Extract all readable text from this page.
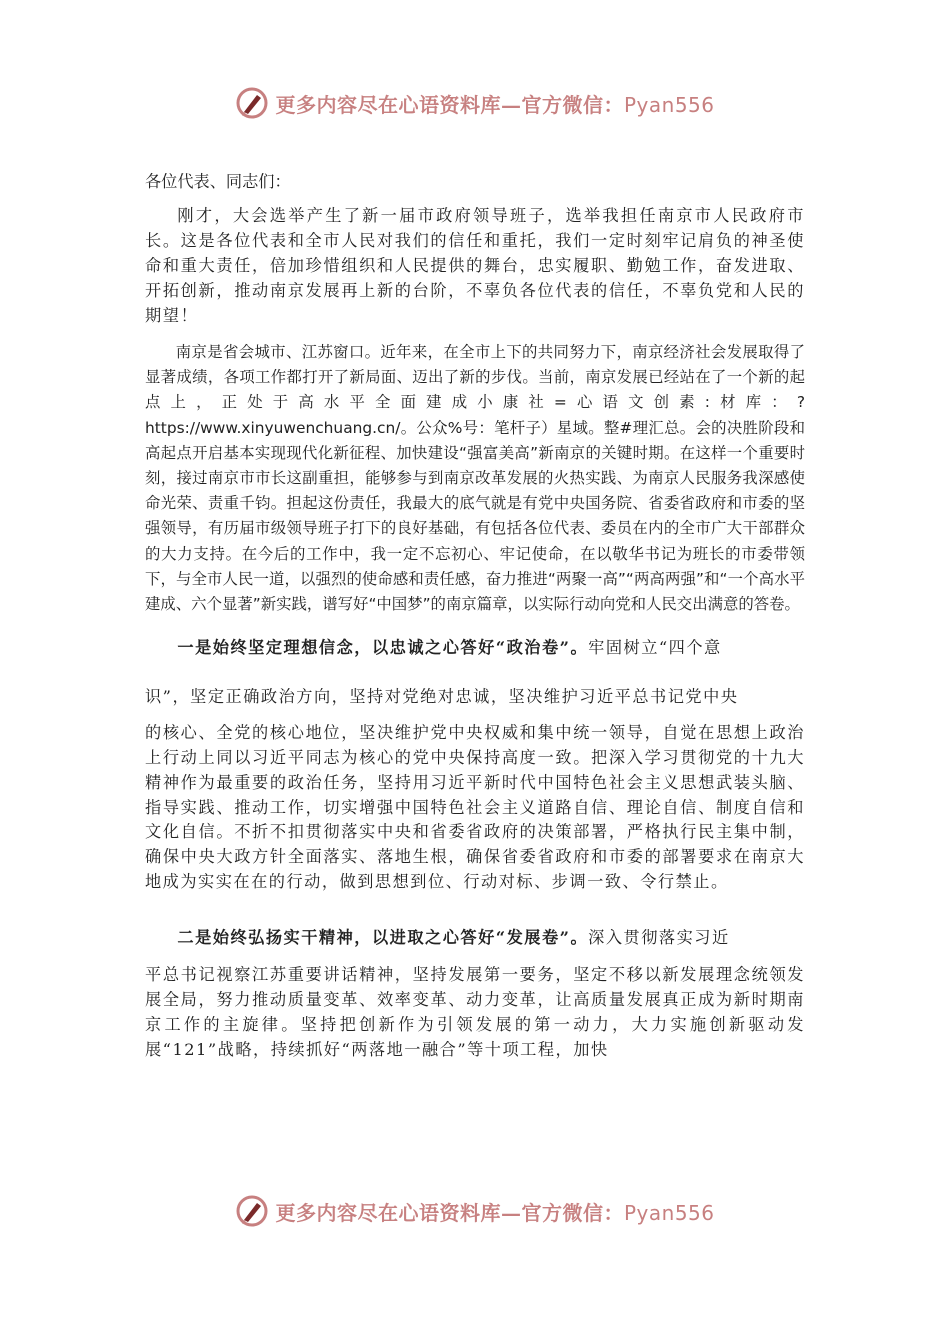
更多内容尽在心语资料库—官方微信：Pyan556

各位代表、同志们：

刚才，大会选举产生了新一届市政府领导班子，选举我担任南京市人民政府市长。这是各位代表和全市人民对我们的信任和重托，我们一定时刻牢记肩负的神圣使命和重大责任，倍加珍惜组织和人民提供的舞台，忠实履职、勤勉工作，奋发进取、开拓创新，推动南京发展再上新的台阶，不辜负各位代表的信任，不辜负党和人民的期望！

南京是省会城市、江苏窗口。近年来，在全市上下的共同努力下，南京经济社会发展取得了显著成绩，各项工作都打开了新局面、迈出了新的步伐。当前，南京发展已经站在了一个新的起点上，正处于高水平全面建成小康社=心语文创素:材库：?https://www.xinyuwenchuang.cn/。公众%号：笔杆子）星域。整#理汇总。会的决胜阶段和高起点开启基本实现现代化新征程、加快建设“强富美高”新南京的关键时期。在这样一个重要时刻，接过南京市市长这副重担，能够参与到南京改革发展的火热实践、为南京人民服务我深感使命光荣、责重千钧。担起这份责任，我最大的底气就是有党中央国务院、省委省政府和市委的坚强领导，有历届市级领导班子打下的良好基础，有包括各位代表、委员在内的全市广大干部群众的大力支持。在今后的工作中，我一定不忘初心、牢记使命，在以敬华书记为班长的市委带领下，与全市人民一道，以强烈的使命感和责任感，奋力推进“两聚一高”“两高两强”和“一个高水平建成、六个显著”新实践，谱写好“中国梦”的南京篇章，以实际行动向党和人民交出满意的答卷。

一是始终坚定理想信念，以忠诚之心答好“政治卷”。牢固树立“四个意
识”，坚定正确政治方向，坚持对党绝对忠诚，坚决维护习近平总书记党中央
的核心、全党的核心地位，坚决维护党中央权威和集中统一领导，自觉在思想上政治上行动上同以习近平同志为核心的党中央保持高度一致。把深入学习贯彻党的十九大精神作为最重要的政治任务，坚持用习近平新时代中国特色社会主义思想武装头脑、指导实践、推动工作，切实增强中国特色社会主义道路自信、理论自信、制度自信和文化自信。不折不扣贯彻落实中央和省委省政府的决策部署，严格执行民主集中制，确保中央大政方针全面落实、落地生根，确保省委省政府和市委的部署要求在南京大地成为实实在在的行动，做到思想到位、行动对标、步调一致、令行禁止。

二是始终弘扬实干精神，以进取之心答好“发展卷”。深入贯彻落实习近
平总书记视察江苏重要讲话精神，坚持发展第一要务，坚定不移以新发展理念统领发展全局，努力推动质量变革、效率变革、动力变革，让高质量发展真正成为新时期南京工作的主旋律。坚持把创新作为引领发展的第一动力，大力实施创新驱动发展“121”战略，持续抓好“两落地一融合”等十项工程，加快

更多内容尽在心语资料库—官方微信：Pyan556
